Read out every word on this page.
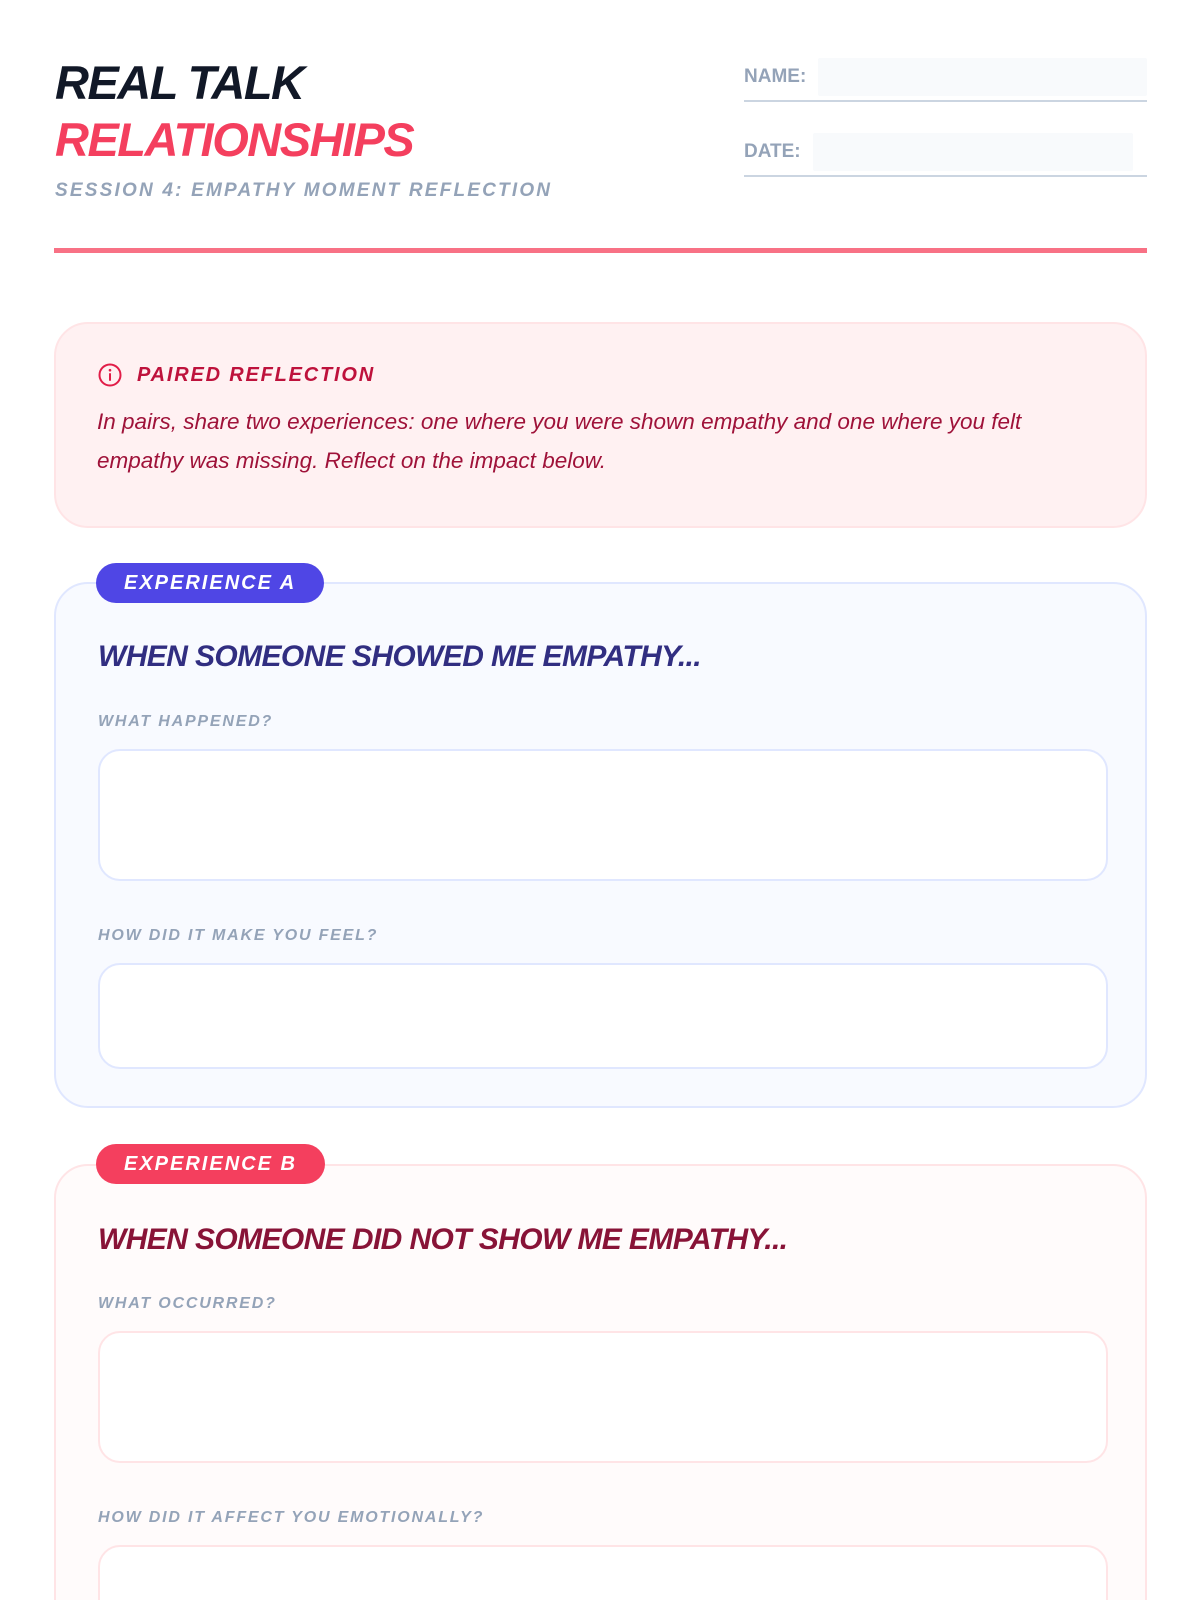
REAL TALK
RELATIONSHIPS
SESSION 4: EMPATHY MOMENT REFLECTION
NAME:
DATE:
PAIRED REFLECTION
In pairs, share two experiences: one where you were shown empathy and one where you felt empathy was missing. Reflect on the impact below.
WHEN SOMEONE SHOWED ME EMPATHY...
WHAT HAPPENED?
HOW DID IT MAKE YOU FEEL?
EXPERIENCE A
WHEN SOMEONE DID NOT SHOW ME EMPATHY...
WHAT OCCURRED?
HOW DID IT AFFECT YOU EMOTIONALLY?
EXPERIENCE B
